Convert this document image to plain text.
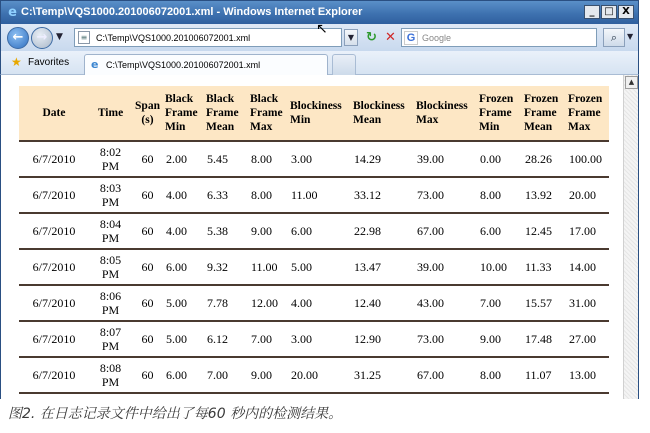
e C:\Temp\VQS1000.201006072001.xml - Windows Internet Explorer	_ □ X
←	→ ▼	≡ C:\Temp\VQS1000.201006072001.xml	▼ ↻ ✕ G Google	⌕	▼
↖
★ Favorites e C:\Temp\VQS1000.201006072001.xml
Date	Time	Span (s)	Black Frame Min	Black Frame Mean	Black Frame Max	Blockiness Min	Blockiness Mean	Blockiness Max	Frozen Frame Min	Frozen Frame Mean	Frozen Frame Max
6/7/2010	8:02 PM	60	2.00	5.45	8.00	3.00	14.29	39.00	0.00	28.26	100.00
6/7/2010	8:03 PM	60	4.00	6.33	8.00	11.00	33.12	73.00	8.00	13.92	20.00
6/7/2010	8:04 PM	60	4.00	5.38	9.00	6.00	22.98	67.00	6.00	12.45	17.00
6/7/2010	8:05 PM	60	6.00	9.32	11.00	5.00	13.47	39.00	10.00	11.33	14.00
6/7/2010	8:06 PM	60	5.00	7.78	12.00	4.00	12.40	43.00	7.00	15.57	31.00
6/7/2010	8:07 PM	60	5.00	6.12	7.00	3.00	12.90	73.00	9.00	17.48	27.00
6/7/2010	8:08 PM	60	6.00	7.00	9.00	20.00	31.25	67.00	8.00	11.07	13.00
▲
图2. 在日志记录文件中给出了每60 秒内的检测结果。
